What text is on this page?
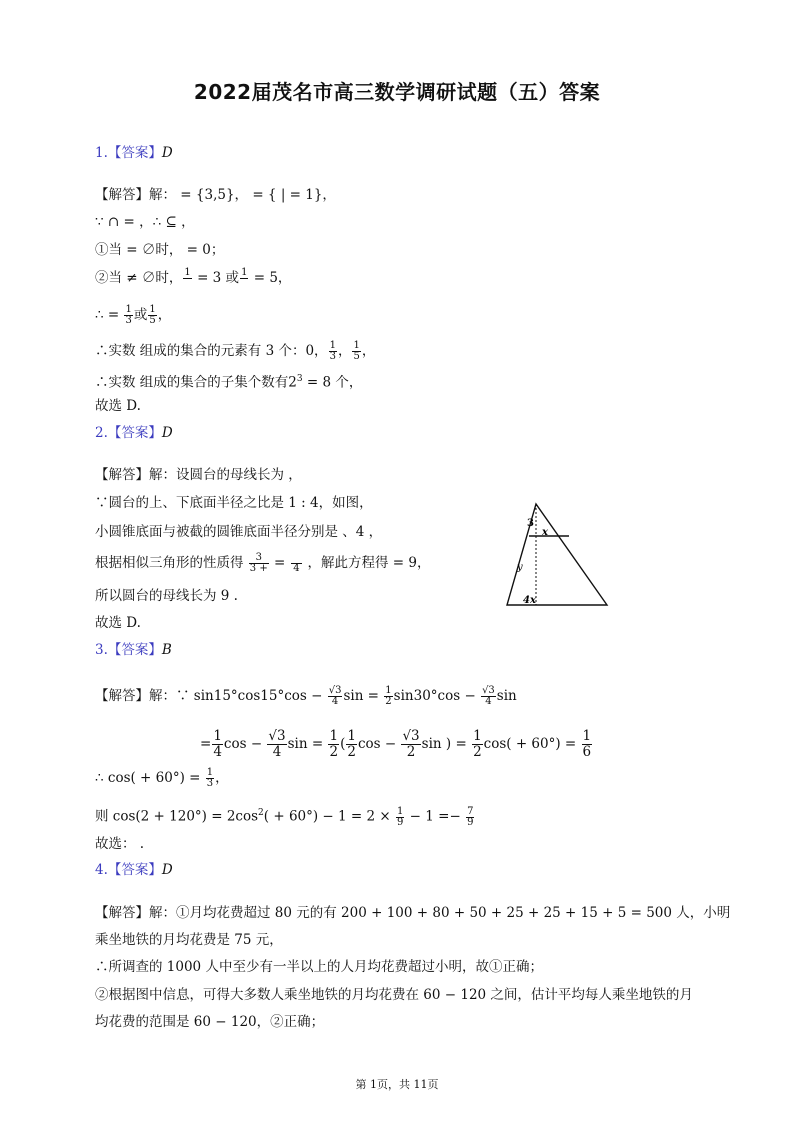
2022届茂名市高三数学调研试题（五）答案
1.【答案】D
【解答】解： = {3,5}， = { | = 1}，
∵ ∩ = ，∴ ⊆ ，
①当 = ∅时， = 0；
②当 ≠ ∅时， 1
= 3 或 1
= 5，
∴ = $\frac{1}{3}$ 或 $\frac{1}{5}$ ，
∴实数 组成的集合的元素有 3 个：0， $\frac{1}{3}$ ， $\frac{1}{5}$ ，
∴实数 组成的集合的子集个数有$2^3 = 8$ 个，
故选 D.
2.【答案】D
【解答】解：设圆台的母线长为 ，
∵圆台的上、下底面半径之比是 1 : 4，如图，
小圆锥底面与被截的圆锥底面半径分别是 、4 ，
根据相似三角形的性质得 $\frac{3}{3 +}$ =
4 ，解此方程得 = 9，
所以圆台的母线长为 9 .
故选 D.
3
x
y
4x
3.【答案】B
【解答】解：∵ $\sin 15^\circ\cos 15^\circ\cos - \frac{√3}{4}$ $\sin = \frac{1}{2} \sin 30^\circ\cos - \frac{√3}{4}$ sin
= $\frac{1}{4}$ $\cos - \frac{√3}{4}$ $\sin = \frac{1}{2}$ ( $\frac{1}{2}$ $\cos - \frac{√3}{2}$ sin ) = $\frac{1}{2} \cos( + 60^\circ) = \frac{1}{6}$
∴ $\cos( + 60^\circ) = \frac{1}{3}$ ，
则 $\cos(2 + 120^\circ) = 2\cos^2( + 60^\circ) - 1 = 2 \times \frac{1}{9} - 1 =- \frac{7}{9}$
故选： .
4.【答案】D
【解答】解：①月均花费超过 80 元的有 200 + 100 + 80 + 50 + 25 + 25 + 15 + 5 = 500 人，小明
乘坐地铁的月均花费是 75 元，
∴所调查的 1000 人中至少有一半以上的人月均花费超过小明，故①正确；
②根据图中信息，可得大多数人乘坐地铁的月均花费在 60 − 120 之间，估计平均每人乘坐地铁的月
均花费的范围是 60 − 120，②正确；
第 1页，共 11页
